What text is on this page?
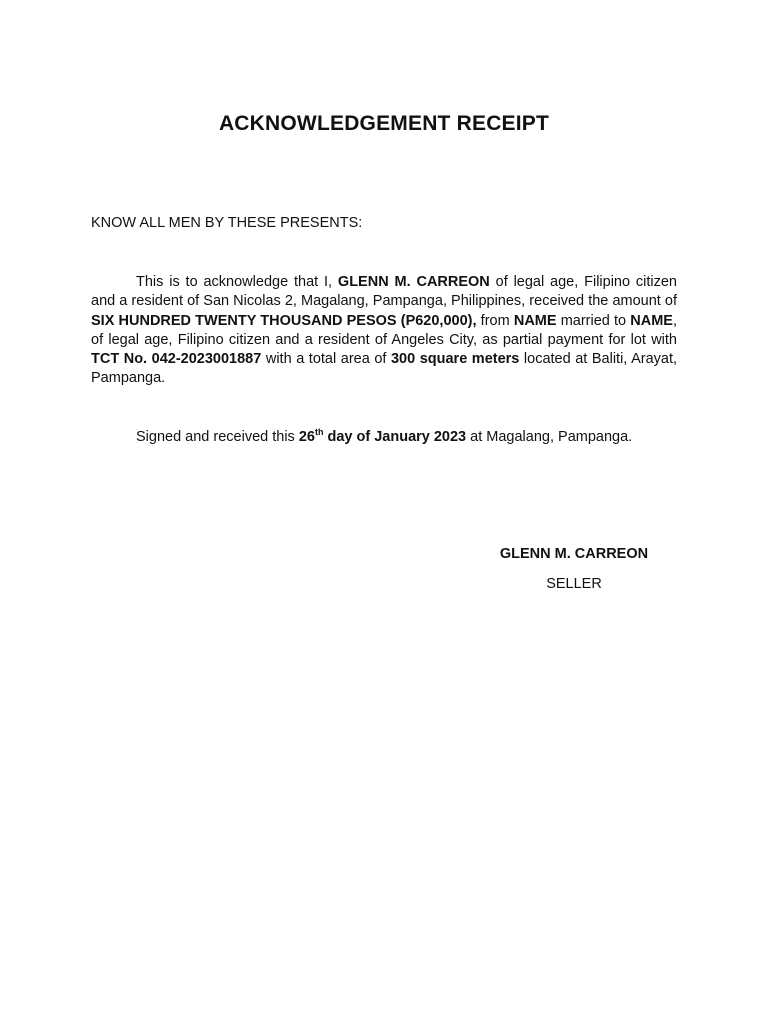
ACKNOWLEDGEMENT RECEIPT
KNOW ALL MEN BY THESE PRESENTS:
This is to acknowledge that I, GLENN M. CARREON of legal age, Filipino citizen and a resident of San Nicolas 2, Magalang, Pampanga, Philippines, received the amount of SIX HUNDRED TWENTY THOUSAND PESOS (P620,000), from NAME married to NAME, of legal age, Filipino citizen and a resident of Angeles City, as partial payment for lot with TCT No. 042-2023001887 with a total area of 300 square meters located at Baliti, Arayat, Pampanga.
Signed and received this 26th day of January 2023 at Magalang, Pampanga.
GLENN M. CARREON
SELLER
